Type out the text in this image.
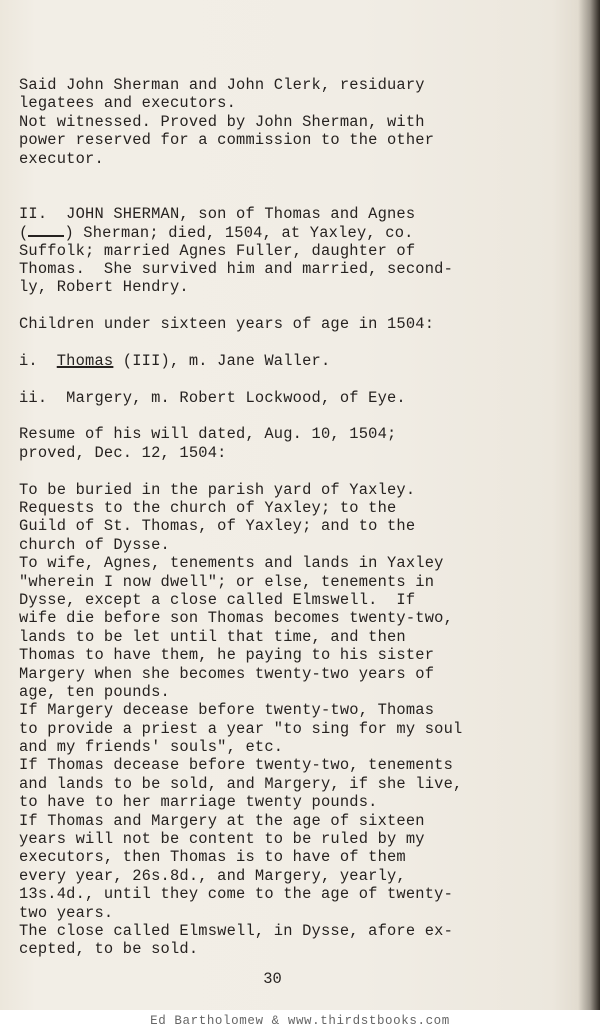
Said John Sherman and John Clerk, residuary
legatees and executors.
Not witnessed. Proved by John Sherman, with
power reserved for a commission to the other
executor.
II.  JOHN SHERMAN, son of Thomas and Agnes
( ) Sherman; died, 1504, at Yaxley, co.
Suffolk; married Agnes Fuller, daughter of
Thomas.  She survived him and married, second-
ly, Robert Hendry.
Children under sixteen years of age in 1504:
i.  Thomas (III), m. Jane Waller.
ii.  Margery, m. Robert Lockwood, of Eye.
Resume of his will dated, Aug. 10, 1504;
proved, Dec. 12, 1504:
To be buried in the parish yard of Yaxley.
Requests to the church of Yaxley; to the
Guild of St. Thomas, of Yaxley; and to the
church of Dysse.
To wife, Agnes, tenements and lands in Yaxley
"wherein I now dwell"; or else, tenements in
Dysse, except a close called Elmswell.  If
wife die before son Thomas becomes twenty-two,
lands to be let until that time, and then
Thomas to have them, he paying to his sister
Margery when she becomes twenty-two years of
age, ten pounds.
If Margery decease before twenty-two, Thomas
to provide a priest a year "to sing for my soul
and my friends' souls", etc.
If Thomas decease before twenty-two, tenements
and lands to be sold, and Margery, if she live,
to have to her marriage twenty pounds.
If Thomas and Margery at the age of sixteen
years will not be content to be ruled by my
executors, then Thomas is to have of them
every year, 26s.8d., and Margery, yearly,
13s.4d., until they come to the age of twenty-
two years.
The close called Elmswell, in Dysse, afore ex-
cepted, to be sold.
30
Ed Bartholomew & www.thirdstbooks.com
